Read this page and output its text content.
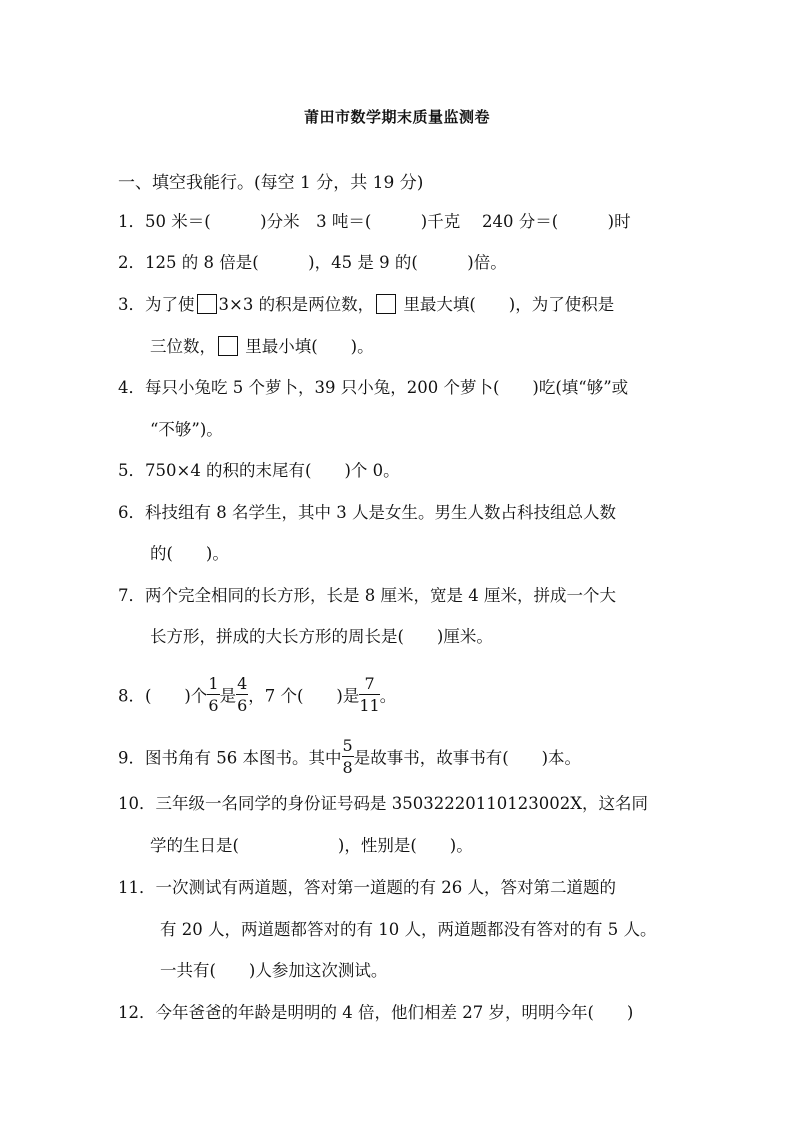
莆田市数学期末质量监测卷
一、填空我能行。(每空 1 分，共 19 分)
1．50 米＝(　　　)分米　3 吨＝(　　　)千克　 240 分＝(　　　)时
2．125 的 8 倍是(　　　)，45 是 9 的(　　　)倍。
3．为了使 3×3 的积是两位数， 里最大填(　　)，为了使积是
三位数， 里最小填(　　)。
4．每只小兔吃 5 个萝卜，39 只小兔，200 个萝卜(　　)吃(填“够”或
“不够”)。
5．750×4 的积的末尾有(　　)个 0。
6．科技组有 8 名学生，其中 3 人是女生。男生人数占科技组总人数
的(　　)。
7．两个完全相同的长方形，长是 8 厘米，宽是 4 厘米，拼成一个大
长方形，拼成的大长方形的周长是(　　)厘米。
8．(　　)个 $\frac{1}{6}$ 是 $\frac{4}{6}$ ，7 个(　　)是 $\frac{7}{11}$ 。
9．图书角有 56 本图书。其中 $\frac{5}{8}$ 是故事书，故事书有(　　)本。
10．三年级一名同学的身份证号码是 35032220110123002X，这名同
学的生日是(　　　　　　)，性别是(　　)。
11．一次测试有两道题，答对第一道题的有 26 人，答对第二道题的
有 20 人，两道题都答对的有 10 人，两道题都没有答对的有 5 人。
一共有(　　)人参加这次测试。
12．今年爸爸的年龄是明明的 4 倍，他们相差 27 岁，明明今年(　　)
